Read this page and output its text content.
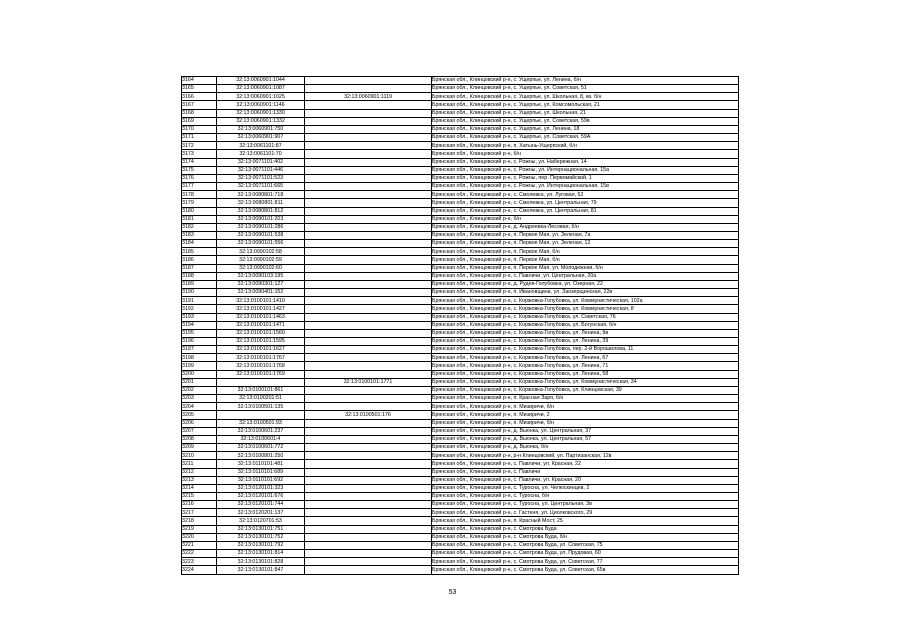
3164	32:13:0060901:1044		Брянская обл., Клинцовский р-н, с. Ущерпье, ул. Ленина, б/н
3165	32:13:0060901:1087		Брянская обл., Клинцовский р-н, с. Ущерпье, ул. Советская, 51
3166	32:13:0060901:1025	32:13:0060901:1119	Брянская обл., Клинцовский р-н, с. Ущерпье, ул. Школьная, 8, кв. б/н
3167	32:13:0060901:1146		Брянская обл., Клинцовский р-н, с. Ущерпье, ул. Комсомольская, 21
3168	32:13:0060901:1330		Брянская обл., Клинцовский р-н, с. Ущерпье, ул. Школьная, 21
3169	32:13:0060901:1332		Брянская обл., Клинцовский р-н, с. Ущерпье, ул. Советская, 59в
3170	32:13:0060901:750		Брянская обл., Клинцовский р-н, с. Ущерпье, ул. Ленина, 18
3171	32:13:0060901:907		Брянская обл., Клинцовский р-н, с. Ущерпье, ул. Советская, 59А
3172	32:13:0061101:87		Брянская обл., Клинцовский р-н, п. Хатынь-Ущерпский, б/н
3173	32:13:0061101:70		Брянская обл., Клинцовский р-н, б/н
3174	32:13:0071101:402		Брянская обл., Клинцовский р-н, с. Рожны, ул. Набережная, 14
3175	32:13:0071101:446		Брянская обл., Клинцовский р-н, с. Рожны, ул. Интернациональная, 15а
3176	32:13:0071101:523		Брянская обл., Клинцовский р-н, с. Рожны, пер. Первомайский, 1
3177	32:13:0071101:665		Брянская обл., Клинцовский р-н, с. Рожны, ул. Интернациональная, 15в
3178	32:13:0080801:718		Брянская обл., Клинцовский р-н, с. Смолевка, ул. Луговая, 52
3179	32:13:0080801:811		Брянская обл., Клинцовский р-н, с. Смолевка, ул. Центральная, 79
3180	32:13:0080801:812		Брянская обл., Клинцовский р-н, с. Смолевка, ул. Центральная, 81
3181	32:13:0090101:203		Брянская обл., Клинцовский р-н, б/н
3182	32:13:0090101:286		Брянская обл., Клинцовский р-н, д. Андреевка-Лесовая, б/н
3183	32:13:0090101:538		Брянская обл., Клинцовский р-н, п. Первое Мая, ул. Зеленая, 7а
3184	32:13:0090101:556		Брянская обл., Клинцовский р-н, п. Первое Мая, ул. Зеленая, 12
3185	32:13:0090102:58		Брянская обл., Клинцовский р-н, п. Первое Мая, б/н
3186	32:13:0090102:59		Брянская обл., Клинцовский р-н, п. Первое Мая, б/н
3187	32:13:0090102:60		Брянская обл., Клинцовский р-н, п. Первое Мая, ул. Молодежная, б/н
3188	32:13:0090103:195		Брянская обл., Клинцовский р-н, с. Павличи, ул. Центральная, 20а
3189	32:13:0090301:127		Брянская обл., Клинцовский р-н, д. Рудня-Голубовка, ул. Озерная, 22
3190	32:13:0090401:152		Брянская обл., Клинцовский р-н, п. Ивановщина, ул. Заозерщинская, 22в
3191	32:13:0100101:1410		Брянская обл., Клинцовский р-н, с. Коржовка-Голубовка, ул. Коммунистическая, 102а
3192	32:13:0100101:1427		Брянская обл., Клинцовский р-н, с. Коржовка-Голубовка, ул. Коммунистическая, 8
3193	32:13:0100101:1463		Брянская обл., Клинцовский р-н, с. Коржовка-Голубовка, ул. Советская, 76
3194	32:13:0100101:1471		Брянская обл., Клинцовский р-н, с. Коржовка-Голубовка, ул. Богунская, б/н
3195	32:13:0100101:1560		Брянская обл., Клинцовский р-н, с. Коржовка-Голубовка, ул. Ленина, 9в
3196	32:13:0100101:1595		Брянская обл., Клинцовский р-н, с. Коржовка-Голубовка, ул. Ленина, 39
3197	32:13:0100101:1627		Брянская обл., Клинцовский р-н, с. Коржовка-Голубовка, пер. 2-й Ворошилова, 11
3198	32:13:0100101:1767		Брянская обл., Клинцовский р-н, с. Коржовка-Голубовка, ул. Ленина, 67
3199	32:13:0100101:1768		Брянская обл., Клинцовский р-н, с. Коржовка-Голубовка, ул. Ленина, 71
3200	32:13:0100101:1769		Брянская обл., Клинцовский р-н, с. Коржовка-Голубовка, ул. Ленина, 58
3201		32:13:0100101:1771	Брянская обл., Клинцовский р-н, с. Коржовка-Голубовка, ул. Коммунистическая, 34
3202	32:13:0100101:861		Брянская обл., Клинцовский р-н, с. Коржовка-Голубовка, ул. Клинцовская, 39
3203	32:13:0100201:51		Брянская обл., Клинцовский р-н, п. Красная Заря, б/н
3204	32:13:0100501:135		Брянская обл., Клинцовский р-н, п. Мизиричи, б/н
3205		32:13:0100501:176	Брянская обл., Клинцовский р-н, п. Мизиричи, 2
3206	32:13:0100501:93		Брянская обл., Клинцовский р-н, п. Мизиричи, б/н
3207	32:13:0100601:237		Брянская обл., Клинцовский р-н, д. Вьюнка, ул. Центральная, 37
3208	32:13:0100601:4		Брянская обл., Клинцовский р-н, д. Вьюнка, ул. Центральная, 57
3209	32:13:0100601:772		Брянская обл., Клинцовский р-н, д. Вьюнка, б/н
3210	32:13:0100801:250		Брянская обл., Клинцовский р-н, р-н Клинцовский, ул. Партизанская, 12в
3211	32:13:0110101:481		Брянская обл., Клинцовский р-н, с. Павличи, ул. Красная, 22
3212	32:13:0110101:689		Брянская обл., Клинцовский р-н, с. Павличи
3213	32:13:0110101:692		Брянская обл., Клинцовский р-н, с. Павличи, ул. Красная, 20
3214	32:13:0120101:323		Брянская обл., Клинцовский р-н, с. Туросна, ул. Челюскинцев, 2
3215	32:13:0120101:676		Брянская обл., Клинцовский р-н, с. Туросна, б/н
3216	32:13:0120101:744		Брянская обл., Клинцовский р-н, с. Туросна, ул. Центральная, 3в
3217	32:13:0120201:137		Брянская обл., Клинцовский р-н, с. Гастеня, ул. Циолковского, 29
3218	32:13:0120701:53		Брянская обл., Клинцовский р-н, п. Красный Мост, 25
3219	32:13:0130101:751		Брянская обл., Клинцовский р-н, с. Смотрова Буда
3220	32:13:0130101:752		Брянская обл., Клинцовский р-н, с. Смотрова Буда, б/н
3221	32:13:0130101:792		Брянская обл., Клинцовский р-н, с. Смотрова Буда, ул. Советская, 75
3222	32:13:0130101:814		Брянская обл., Клинцовский р-н, с. Смотрова Буда, ул. Прудовая, 60
3223	32:13:0130101:828		Брянская обл., Клинцовский р-н, с. Смотрова Буда, ул. Советская, 77
3224	32:13:0130101:847		Брянская обл., Клинцовский р-н, с. Смотрова Буда, ул. Советская, 65в
53
